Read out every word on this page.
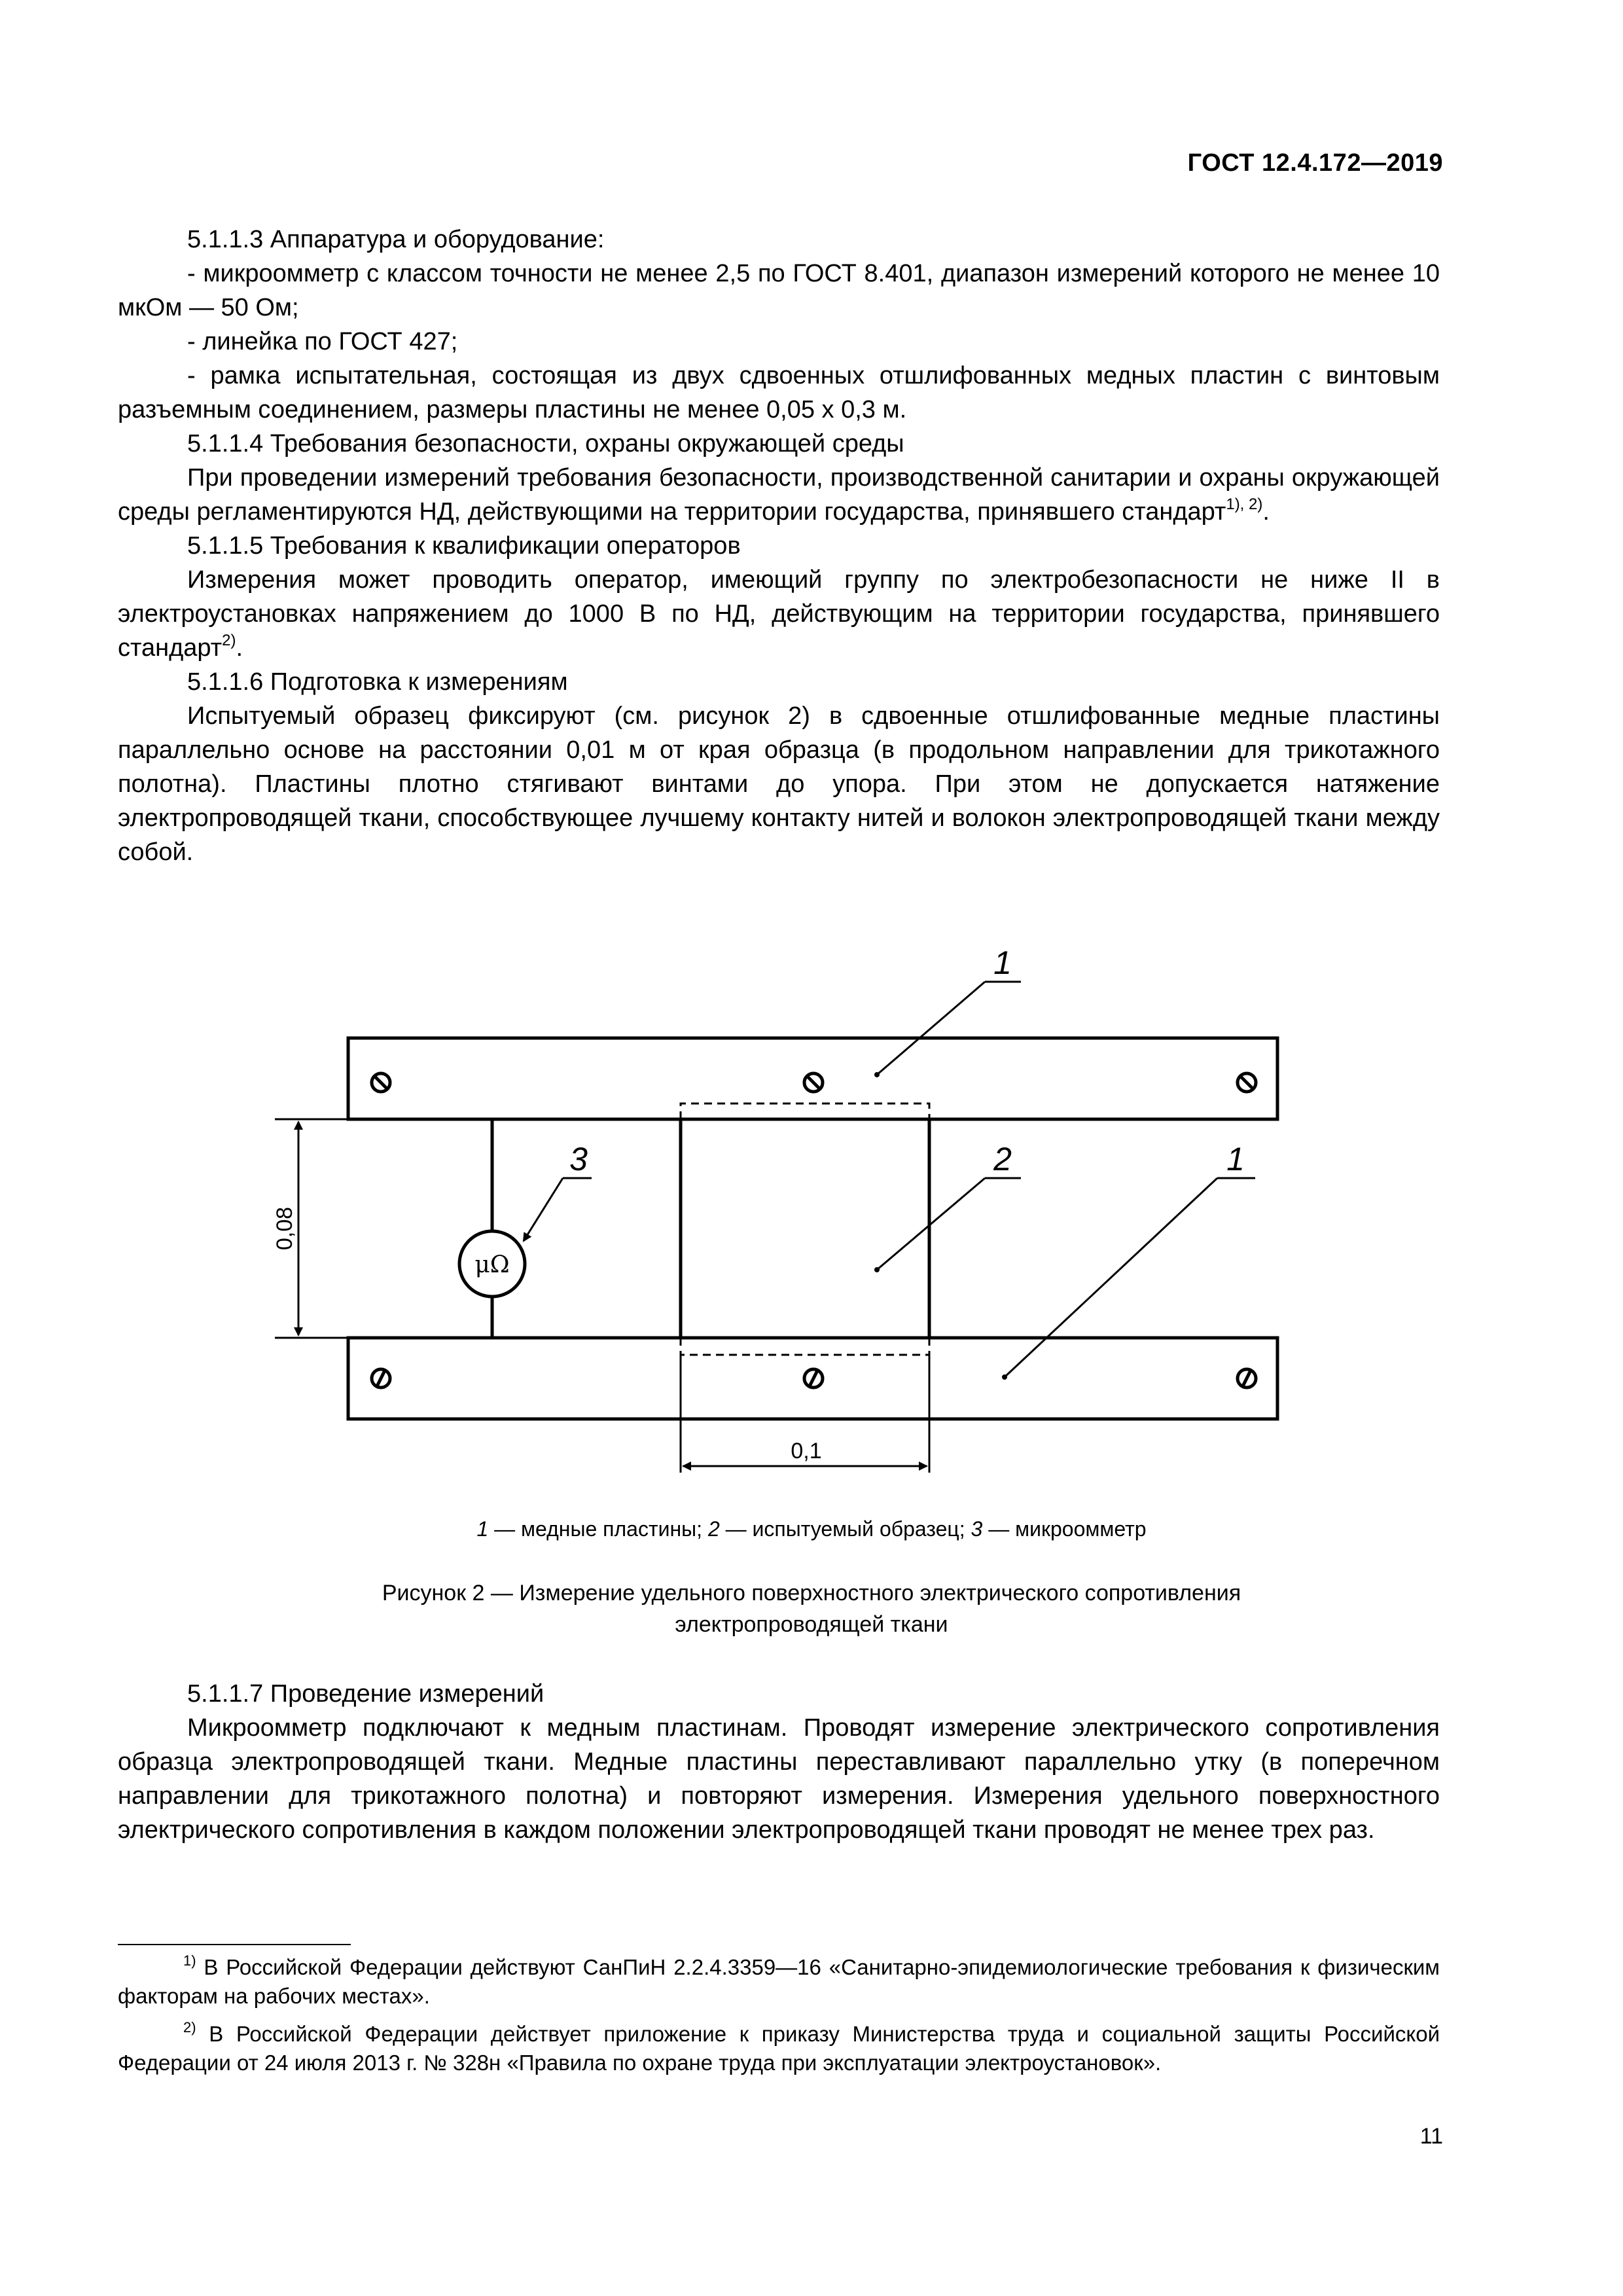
ГОСТ 12.4.172—2019

5.1.1.3 Аппаратура и оборудование:

- микроомметр с классом точности не менее 2,5 по ГОСТ 8.401, диапазон измерений которого не менее 10 мкОм — 50 Ом;

- линейка по ГОСТ 427;

- рамка испытательная, состоящая из двух сдвоенных отшлифованных медных пластин с винтовым разъемным соединением, размеры пластины не менее 0,05 х 0,3 м.

5.1.1.4 Требования безопасности, охраны окружающей среды

При проведении измерений требования безопасности, производственной санитарии и охраны окружающей среды регламентируются НД, действующими на территории государства, принявшего стандарт$^{1), 2)}$.

5.1.1.5 Требования к квалификации операторов

Измерения может проводить оператор, имеющий группу по электробезопасности не ниже II в электроустановках напряжением до 1000 В по НД, действующим на территории государства, принявшего стандарт$^{2)}$.

5.1.1.6 Подготовка к измерениям

Испытуемый образец фиксируют (см. рисунок 2) в сдвоенные отшлифованные медные пластины параллельно основе на расстоянии 0,01 м от края образца (в продольном направлении для трикотажного полотна). Пластины плотно стягивают винтами до упора. При этом не допускается натяжение электропроводящей ткани, способствующее лучшему контакту нитей и волокон электропроводящей ткани между собой.

μΩ
0,08
0,1
1
2	1
3
1 — медные пластины; 2 — испытуемый образец; 3 — микроомметр
Рисунок 2 — Измерение удельного поверхностного электрического сопротивления
электропроводящей ткани

5.1.1.7 Проведение измерений

Микроомметр подключают к медным пластинам. Проводят измерение электрического сопротивления образца электропроводящей ткани. Медные пластины переставливают параллельно утку (в поперечном направлении для трикотажного полотна) и повторяют измерения. Измерения удельного поверхностного электрического сопротивления в каждом положении электропроводящей ткани проводят не менее трех раз.

$^{1)}$ В Российской Федерации действуют СанПиН 2.2.4.3359—16 «Санитарно-эпидемиологические требования к физическим факторам на рабочих местах».

$^{2)}$ В Российской Федерации действует приложение к приказу Министерства труда и социальной защиты Российской Федерации от 24 июля 2013 г. № 328н «Правила по охране труда при эксплуатации электроустановок».

11
